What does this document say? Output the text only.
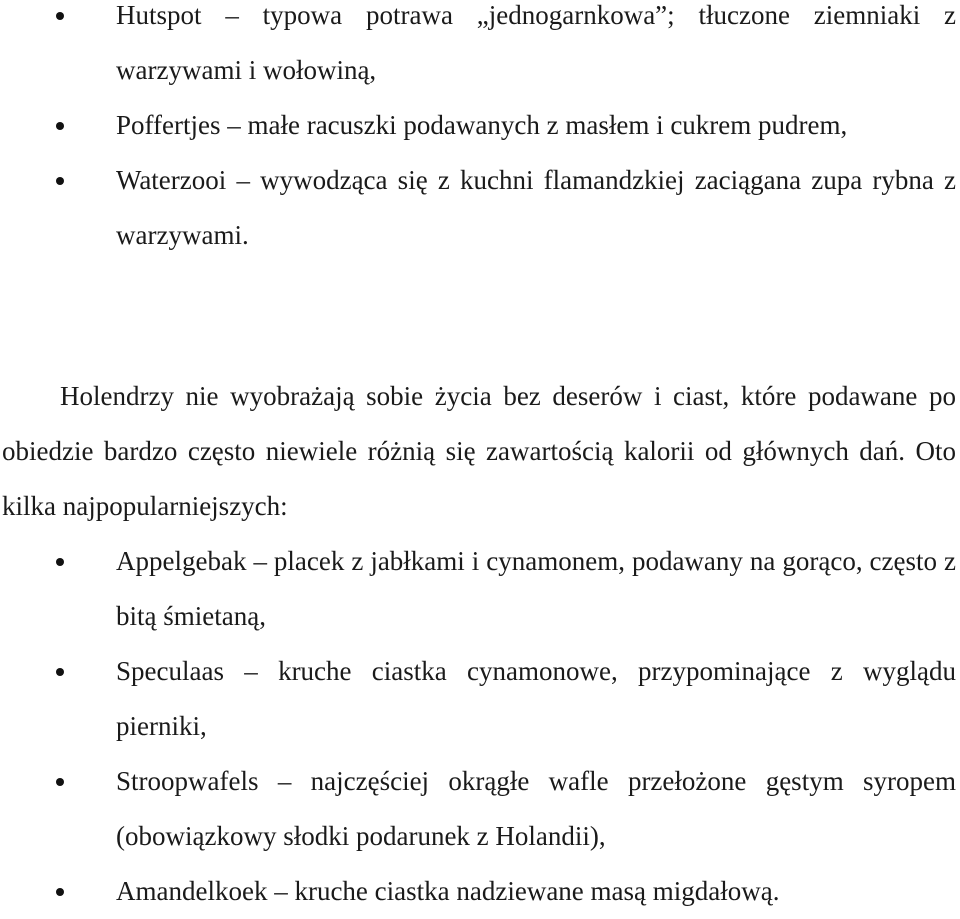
Hutspot – typowa potrawa „jednogarnkowa”; tłuczone ziemniaki z warzywami i wołowiną,
Poffertjes – małe racuszki podawanych z masłem i cukrem pudrem,
Waterzooi – wywodząca się z kuchni flamandzkiej zaciągana zupa rybna z warzywami.

Holendrzy nie wyobrażają sobie życia bez deserów i ciast, które podawane po obiedzie bardzo często niewiele różnią się zawartością kalorii od głównych dań. Oto kilka najpopularniejszych:

Appelgebak – placek z jabłkami i cynamonem, podawany na gorąco, często z bitą śmietaną,
Speculaas – kruche ciastka cynamonowe, przypominające z wyglądu pierniki,
Stroopwafels – najczęściej okrągłe wafle przełożone gęstym syropem (obowiązkowy słodki podarunek z Holandii),
Amandelkoek – kruche ciastka nadziewane masą migdałową.
